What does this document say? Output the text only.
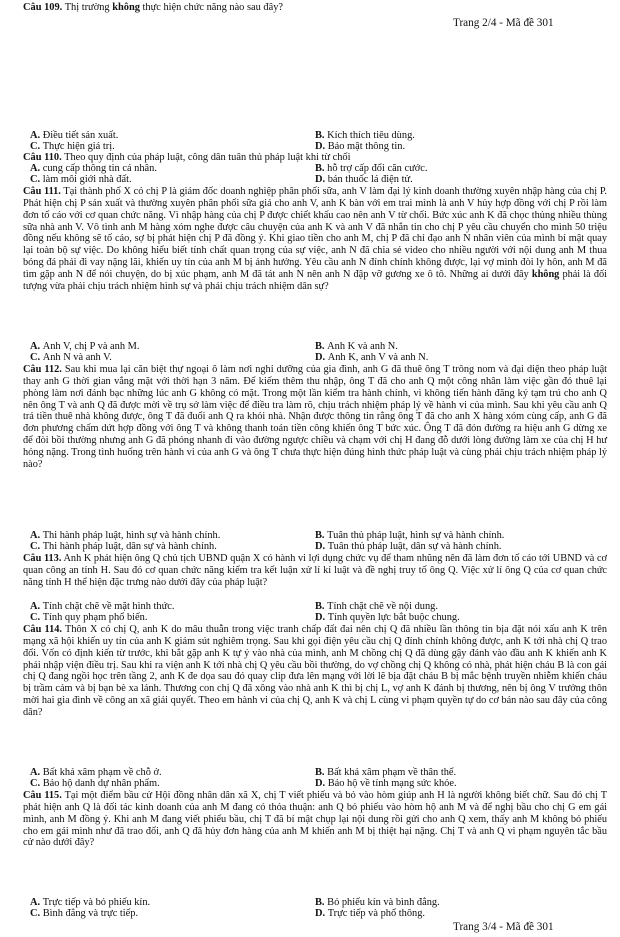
Câu 109. Thị trường không thực hiện chức năng nào sau đây?
Trang 2/4 - Mã đề 301
A. Điều tiết sản xuất.	B. Kích thích tiêu dùng.
C. Thực hiện giá trị.	D. Bảo mật thông tin.
Câu 110. Theo quy định của pháp luật, công dân tuân thủ pháp luật khi từ chối
A. cung cấp thông tin cá nhân.	B. hỗ trợ cấp đổi căn cước.
C. làm môi giới nhà đất.	D. bán thuốc lá điện tử.
Câu 111. Tại thành phố X có chị P là giám đốc doanh nghiệp phân phối sữa, anh V làm đại lý kinh doanh thường xuyên nhập hàng của chị P. Phát hiện chị P sản xuất và thường xuyên phân phối sữa giả cho anh V, anh K bàn với em trai mình là anh V hủy hợp đồng với chị P rồi làm đơn tố cáo với cơ quan chức năng. Vì nhập hàng của chị P được chiết khấu cao nên anh V từ chối. Bức xúc anh K đã chọc thủng nhiều thùng sữa nhà anh V. Vô tình anh M hàng xóm nghe được câu chuyện của anh K và anh V đã nhắn tin cho chị P yêu cầu chuyển cho mình 50 triệu đồng nếu không sẽ tố cáo, sợ bị phát hiện chị P đã đồng ý. Khi giao tiền cho anh M, chị P đã chỉ đạo anh N nhân viên của mình bí mật quay lại toàn bộ sự việc. Do không hiểu biết tính chất quan trọng của sự việc, anh N đã chia sẻ video cho nhiều người với nội dung anh M thua bóng đá phải đi vay nặng lãi, khiến uy tín của anh M bị ảnh hưởng. Yêu cầu anh N đính chính không được, lại vợ mình đòi ly hôn, anh M đã tìm gặp anh N để nói chuyện, do bị xúc phạm, anh M đã tát anh N nên anh N đập vỡ gương xe ô tô. Những ai dưới đây không phải là đối tượng vừa phải chịu trách nhiệm hình sự và phải chịu trách nhiệm dân sự?
A. Anh V, chị P và anh M.	B. Anh K và anh N.
C. Anh N và anh V.	D. Anh K, anh V và anh N.
Câu 112. Sau khi mua lại căn biệt thự ngoại ô làm nơi nghỉ dưỡng của gia đình, anh G đã thuê ông T trông nom và đại diện theo pháp luật thay anh G thời gian vắng mặt với thời hạn 3 năm. Để kiếm thêm thu nhập, ông T đã cho anh Q một công nhân làm việc gần đó thuê lại phòng làm nơi đánh bạc những lúc anh G không có mặt. Trong một lần kiểm tra hành chính, vì không tiến hành đăng ký tạm trú cho anh Q nên ông T và anh Q đã được mời về trụ sở làm việc để điều tra làm rõ, chịu trách nhiệm pháp lý về hành vi của mình. Sau khi yêu cầu anh Q trả tiền thuê nhà không được, ông T đã đuổi anh Q ra khỏi nhà. Nhận được thông tin rằng ông T đã cho anh X hàng xóm cùng cấp, anh G đã đơn phương chấm dứt hợp đồng với ông T và không thanh toán tiền công khiến ông T bức xúc. Ông T đã đón đường ra hiệu anh G dừng xe để đòi bồi thường nhưng anh G đã phóng nhanh đi vào đường ngược chiều và chạm với chị H đang đỗ dưới lòng đường làm xe của chị H hư hỏng nặng. Trong tình huống trên hành vi của anh G và ông T chưa thực hiện đúng hình thức pháp luật và cùng phải chịu trách nhiệm pháp lý nào?
A. Thi hành pháp luật, hình sự và hành chính.	B. Tuân thủ pháp luật, hình sự và hành chính.
C. Thi hành pháp luật, dân sự và hành chính.	D. Tuân thủ pháp luật, dân sự và hành chính.
Câu 113. Anh K phát hiện ông Q chủ tịch UBND quận X có hành vi lợi dụng chức vụ để tham nhũng nên đã làm đơn tố cáo tới UBND và cơ quan công an tỉnh H. Sau đó cơ quan chức năng kiểm tra kết luận xử lí kỉ luật và đề nghị truy tố ông Q. Việc xử lí ông Q của cơ quan chức năng tỉnh H thể hiện đặc trưng nào dưới đây của pháp luật?
A. Tính chặt chẽ về mặt hình thức.	B. Tính chặt chẽ về nội dung.
C. Tính quy phạm phổ biến.	D. Tính quyền lực bắt buộc chung.
Câu 114. Thôn X có chị Q, anh K do mâu thuẫn trong việc tranh chấp đất đai nên chị Q đã nhiều lần thông tin bịa đặt nói xấu anh K trên mạng xã hội khiến uy tín của anh K giảm sút nghiêm trọng. Sau khi gọi điện yêu cầu chị Q đính chính không được, anh K tới nhà chị Q trao đổi. Vốn có định kiến từ trước, khi bắt gặp anh K tự ý vào nhà của mình, anh M chồng chị Q đã dùng gậy đánh vào đầu anh K khiến anh K phải nhập viện điều trị. Sau khi ra viện anh K tới nhà chị Q yêu cầu bồi thường, do vợ chồng chị Q không có nhà, phát hiện cháu B là con gái chị Q đang ngồi học trên tầng 2, anh K đe dọa sau đó quay clip đưa lên mạng với lời lẽ bịa đặt cháu B bị mắc bệnh truyền nhiễm khiến cháu bị trầm cảm và bị bạn bè xa lánh. Thương con chị Q đã xông vào nhà anh K thì bị chị L, vợ anh K đánh bị thương, nên bị ông V trưởng thôn mời hai gia đình về công an xã giải quyết. Theo em hành vi của chị Q, anh K và chị L cùng vi phạm quyền tự do cơ bản nào sau đây của công dân?
A. Bất khả xâm phạm về chỗ ở.	B. Bất khả xâm phạm về thân thể.
C. Bảo hộ danh dự nhân phẩm.	D. Bảo hộ về tính mạng sức khỏe.
Câu 115. Tại một điểm bầu cử Hội đồng nhân dân xã X, chị T viết phiếu và bỏ vào hòm giúp anh H là người không biết chữ. Sau đó chị T phát hiện anh Q là đối tác kinh doanh của anh M đang có thỏa thuận: anh Q bỏ phiếu vào hòm hộ anh M và để nghị bầu cho chị G em gái mình, anh M đồng ý. Khi anh M đang viết phiếu bầu, chị T đã bí mật chụp lại nội dung rồi gửi cho anh Q xem, thấy anh M không bỏ phiếu cho em gái mình như đã trao đổi, anh Q đã hủy đơn hàng của anh M khiến anh M bị thiệt hại nặng. Chị T và anh Q vi phạm nguyên tắc bầu cử nào dưới đây?
A. Trực tiếp và bỏ phiếu kín.	B. Bỏ phiếu kín và bình đẳng.
C. Bình đẳng và trực tiếp.	D. Trực tiếp và phổ thông.
Trang 3/4 - Mã đề 301
